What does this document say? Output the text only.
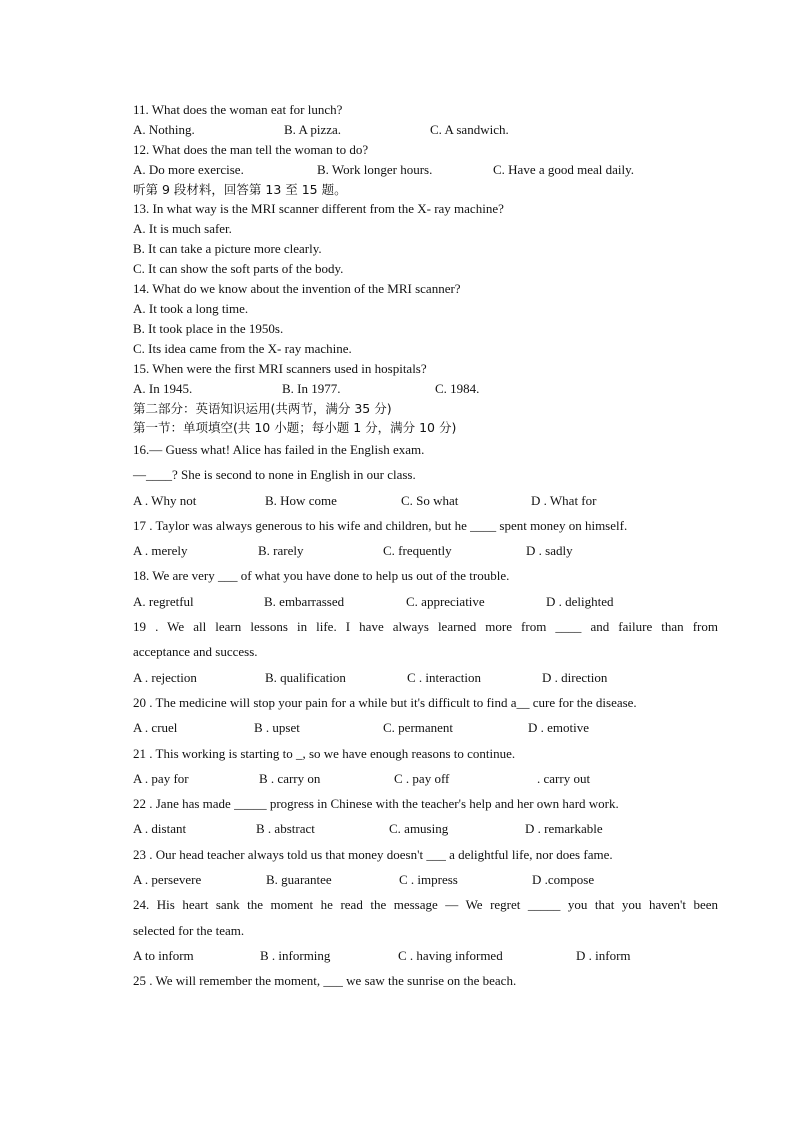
11. What does the woman eat for lunch?
A. Nothing.	B. A pizza.	C. A sandwich.
12. What does the man tell the woman to do?
A. Do more exercise.	B. Work longer hours.	C. Have a good meal daily.
听第 9 段材料，回答第 13 至 15 题。
13. In what way is the MRI scanner different from the X- ray machine?
A. It is much safer.
B. It can take a picture more clearly.
C. It can show the soft parts of the body.
14. What do we know about the invention of the MRI scanner?
A. It took a long time.
B. It took place in the 1950s.
C. Its idea came from the X- ray machine.
15. When were the first MRI scanners used in hospitals?
A. In 1945.	B. In 1977.	C. 1984.
第二部分：英语知识运用(共两节，满分 35 分)
第一节：单项填空(共 10 小题；每小题 1 分，满分 10 分)
16.— Guess what! Alice has failed in the English exam.
—____? She is second to none in English in our class.
A . Why not	B. How come	C. So what	D . What for
17 . Taylor was always generous to his wife and children, but he ____ spent money on himself.
A . merely	B. rarely	C. frequently	D . sadly
18. We are very ___ of what you have done to help us out of the trouble.
A. regretful	B. embarrassed	C. appreciative	D . delighted
19 . We all learn lessons in life. I have always learned more from ____ and failure than from
acceptance and success.
A . rejection	B. qualification	C . interaction	D . direction
20 . The medicine will stop your pain for a while but it's difficult to find a__ cure for the disease.
A . cruel	B . upset	C. permanent	D . emotive
21 . This working is starting to _, so we have enough reasons to continue.
A . pay for	B . carry on	C . pay off	. carry out
22 . Jane has made _____ progress in Chinese with the teacher's help and her own hard work.
A . distant	B . abstract	C. amusing	D . remarkable
23 . Our head teacher always told us that money doesn't ___ a delightful life, nor does fame.
A . persevere	B. guarantee	C . impress	D .compose
24. His heart sank the moment he read the message — We regret _____ you that you haven't been
selected for the team.
A to inform	B . informing	C . having informed	D . inform
25 . We will remember the moment, ___ we saw the sunrise on the beach.
